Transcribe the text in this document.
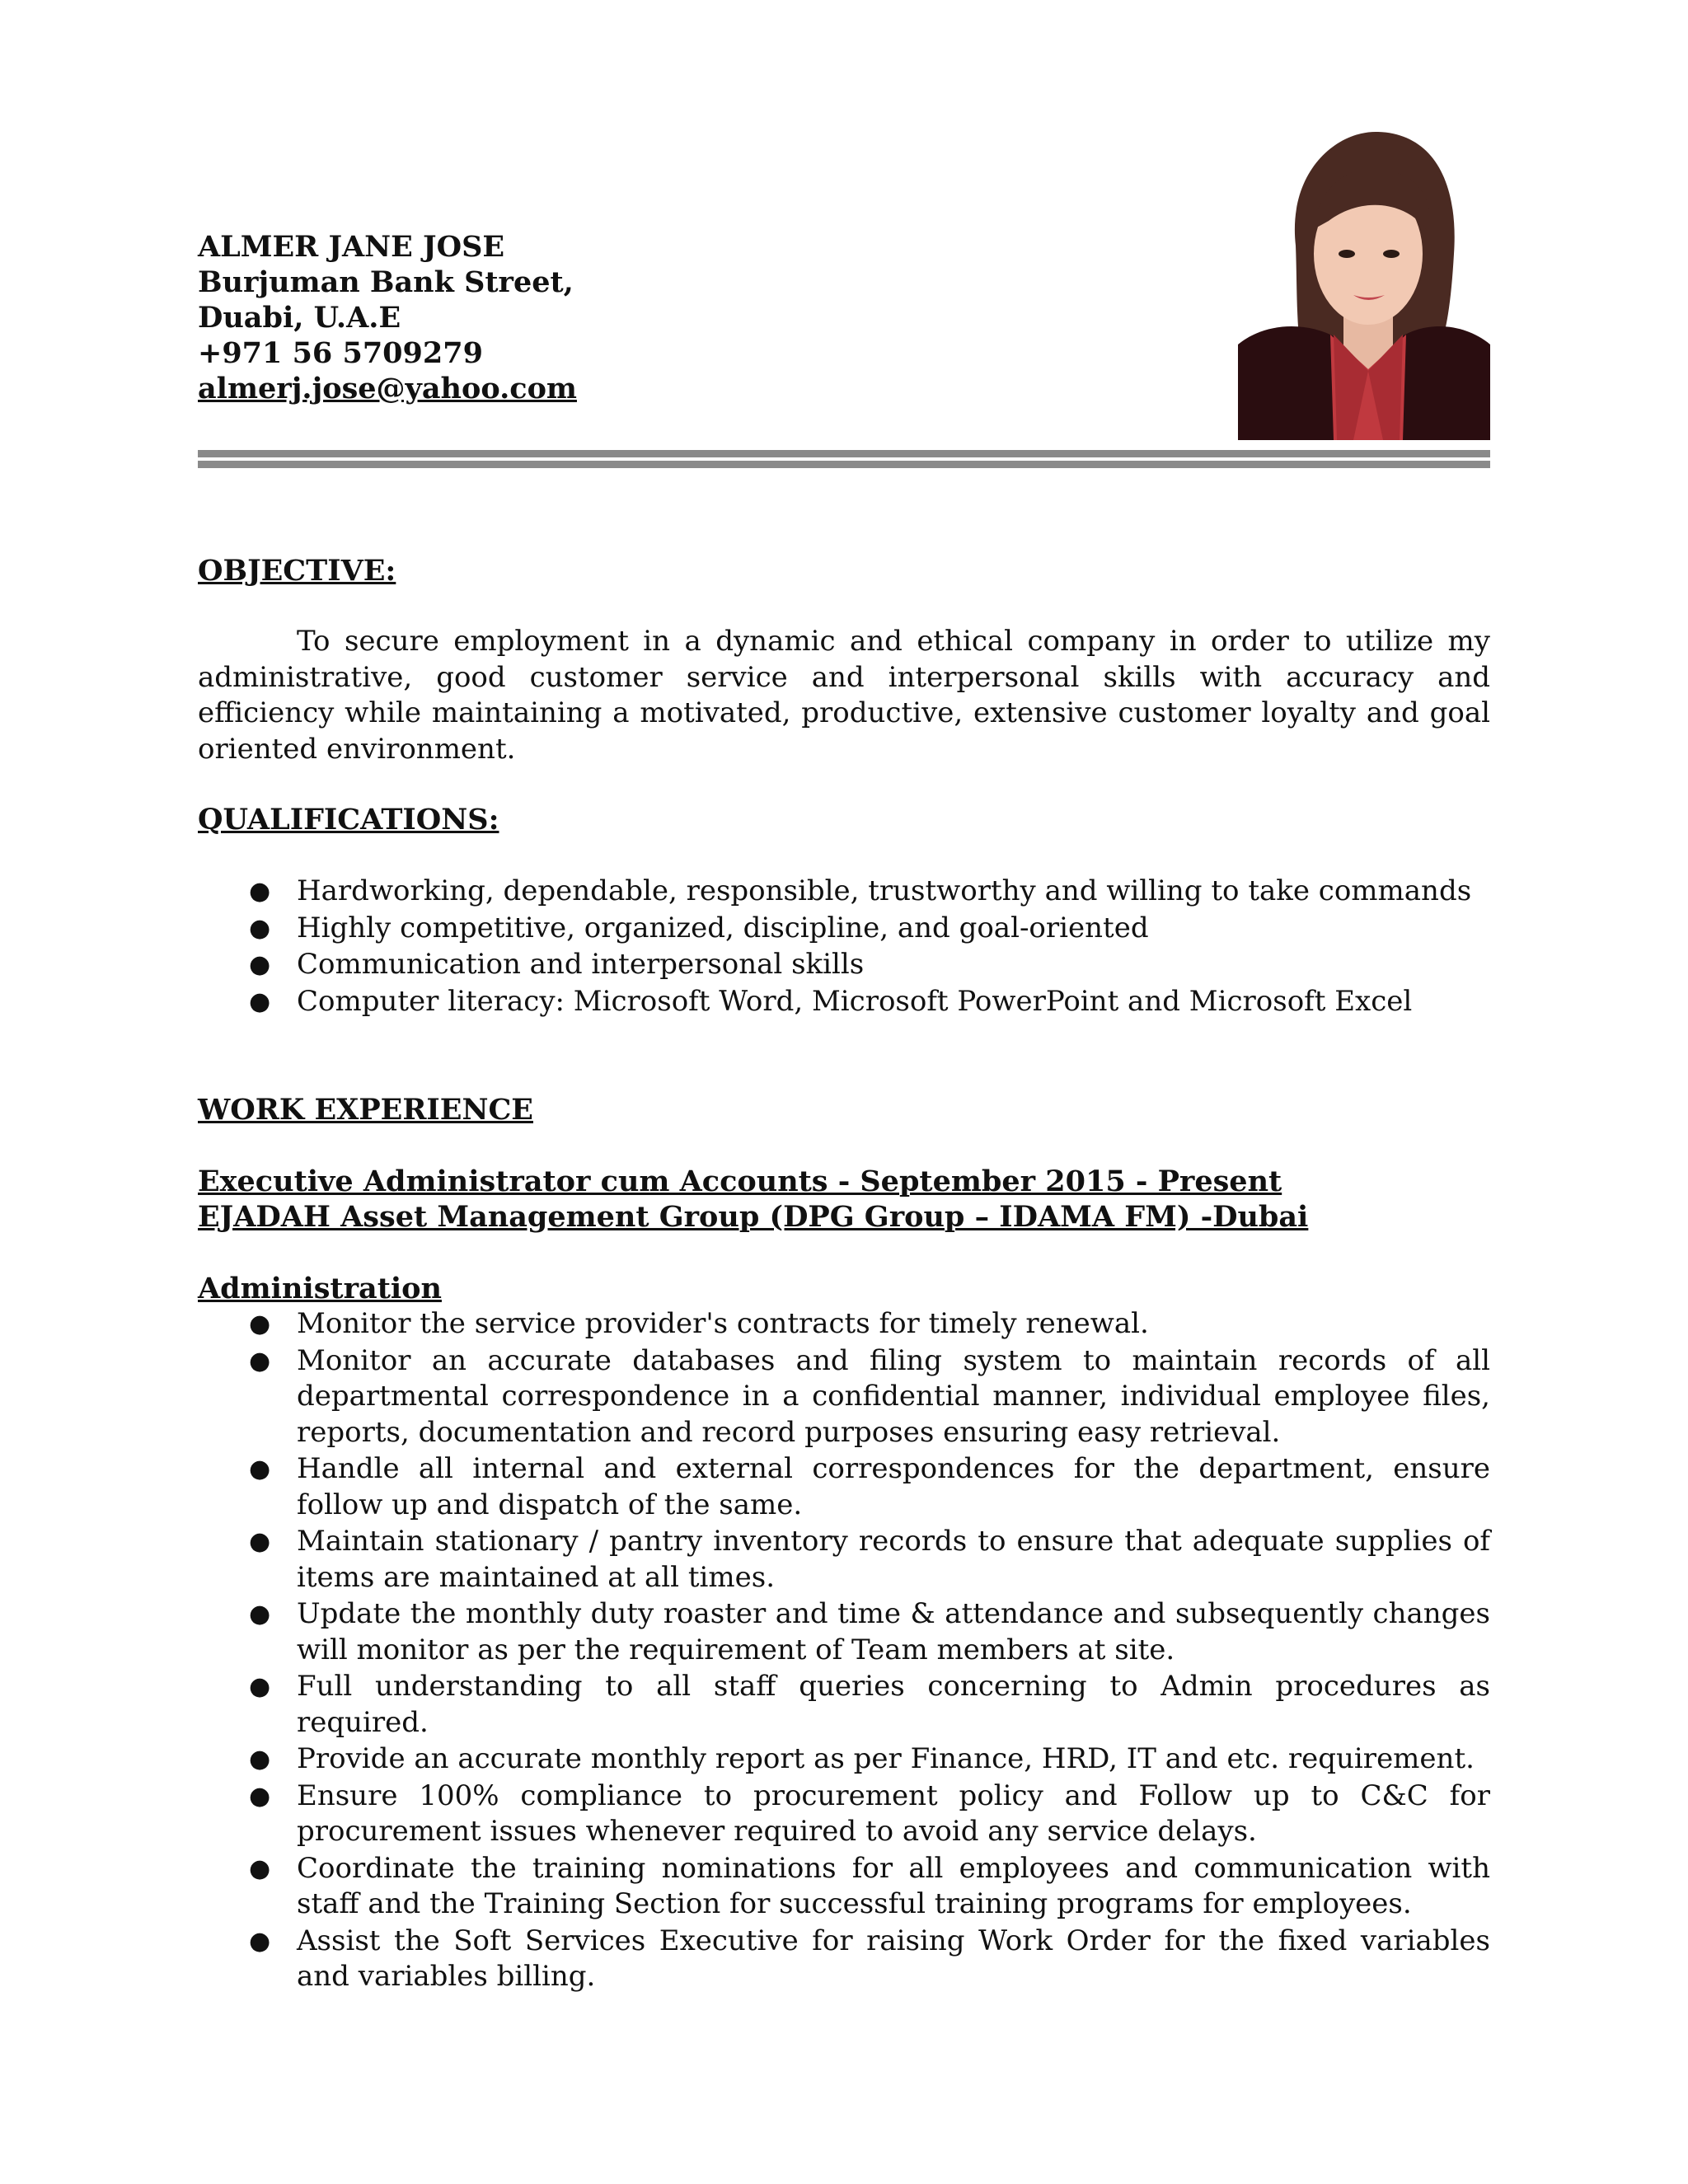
ALMER JANE JOSE
Burjuman Bank Street,
Duabi, U.A.E
+971 56 5709279
almerj.jose@yahoo.com
OBJECTIVE:
To secure employment in a dynamic and ethical company in order to utilize my administrative, good customer service and interpersonal skills with accuracy and efficiency while maintaining a motivated, productive, extensive customer loyalty and goal oriented environment.
QUALIFICATIONS:
● Hardworking, dependable, responsible, trustworthy and willing to take commands
● Highly competitive, organized, discipline, and goal-oriented
● Communication and interpersonal skills
● Computer literacy: Microsoft Word, Microsoft PowerPoint and Microsoft Excel
WORK EXPERIENCE
Executive Administrator cum Accounts - September 2015 - Present
EJADAH Asset Management Group (DPG Group – IDAMA FM) -Dubai
Administration
● Monitor the service provider's contracts for timely renewal.
● Monitor an accurate databases and filing system to maintain records of all departmental correspondence in a confidential manner, individual employee files, reports, documentation and record purposes ensuring easy retrieval.
● Handle all internal and external correspondences for the department, ensure follow up and dispatch of the same.
● Maintain stationary / pantry inventory records to ensure that adequate supplies of items are maintained at all times.
● Update the monthly duty roaster and time & attendance and subsequently changes will monitor as per the requirement of Team members at site.
● Full understanding to all staff queries concerning to Admin procedures as required.
● Provide an accurate monthly report as per Finance, HRD, IT and etc. requirement.
● Ensure 100% compliance to procurement policy and Follow up to C&C for procurement issues whenever required to avoid any service delays.
● Coordinate the training nominations for all employees and communication with staff and the Training Section for successful training programs for employees.
● Assist the Soft Services Executive for raising Work Order for the fixed variables and variables billing.
